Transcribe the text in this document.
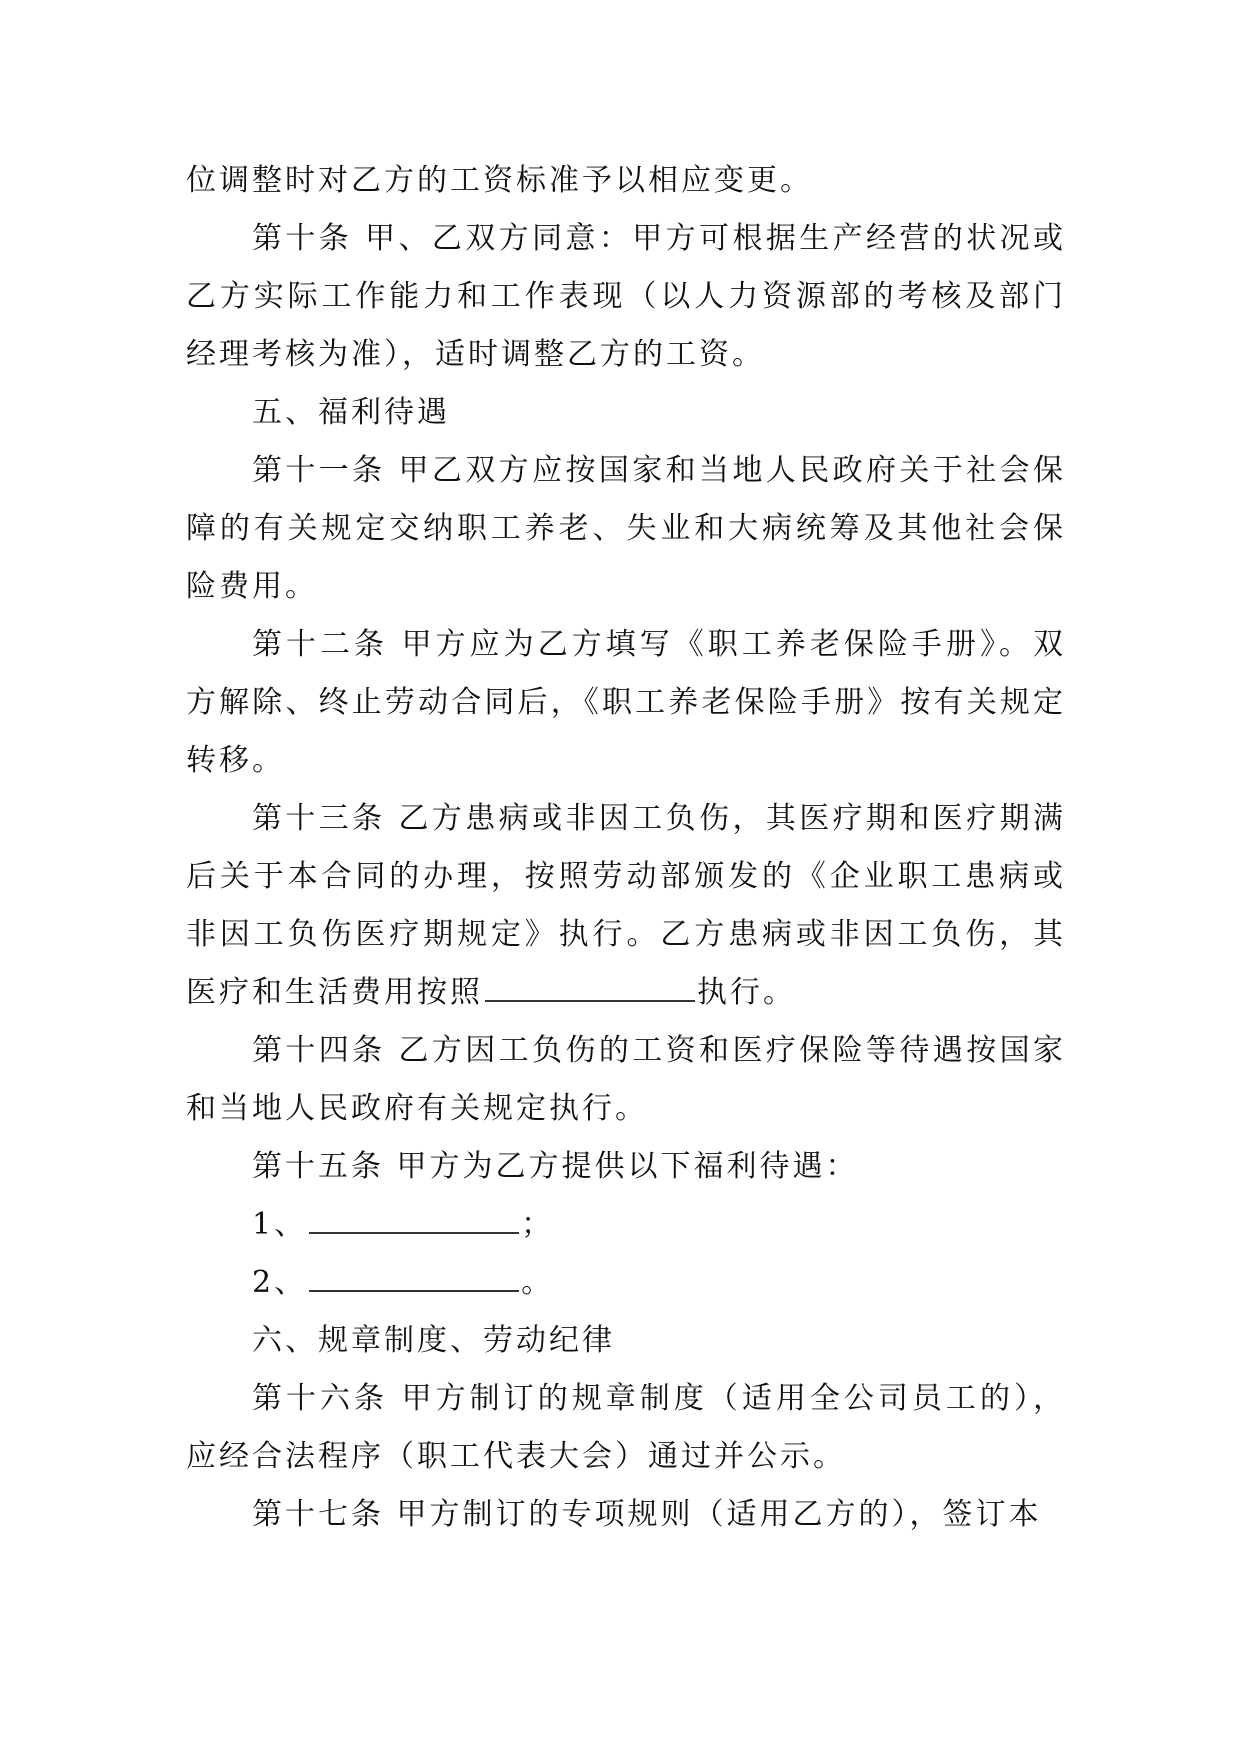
位调整时对乙方的工资标准予以相应变更。

第十条 甲、乙双方同意：甲方可根据生产经营的状况或乙方实际工作能力和工作表现（以人力资源部的考核及部门经理考核为准），适时调整乙方的工资。

五、福利待遇

第十一条 甲乙双方应按国家和当地人民政府关于社会保障的有关规定交纳职工养老、失业和大病统筹及其他社会保险费用。

第十二条 甲方应为乙方填写《职工养老保险手册》。双方解除、终止劳动合同后，《职工养老保险手册》按有关规定转移。

第十三条 乙方患病或非因工负伤，其医疗期和医疗期满后关于本合同的办理，按照劳动部颁发的《企业职工患病或非因工负伤医疗期规定》执行。乙方患病或非因工负伤，其医疗和生活费用按照	执行。

第十四条 乙方因工负伤的工资和医疗保险等待遇按国家和当地人民政府有关规定执行。

第十五条 甲方为乙方提供以下福利待遇：

1、	；

2、	。

六、规章制度、劳动纪律

第十六条 甲方制订的规章制度（适用全公司员工的），应经合法程序（职工代表大会）通过并公示。

第十七条 甲方制订的专项规则（适用乙方的），签订本
